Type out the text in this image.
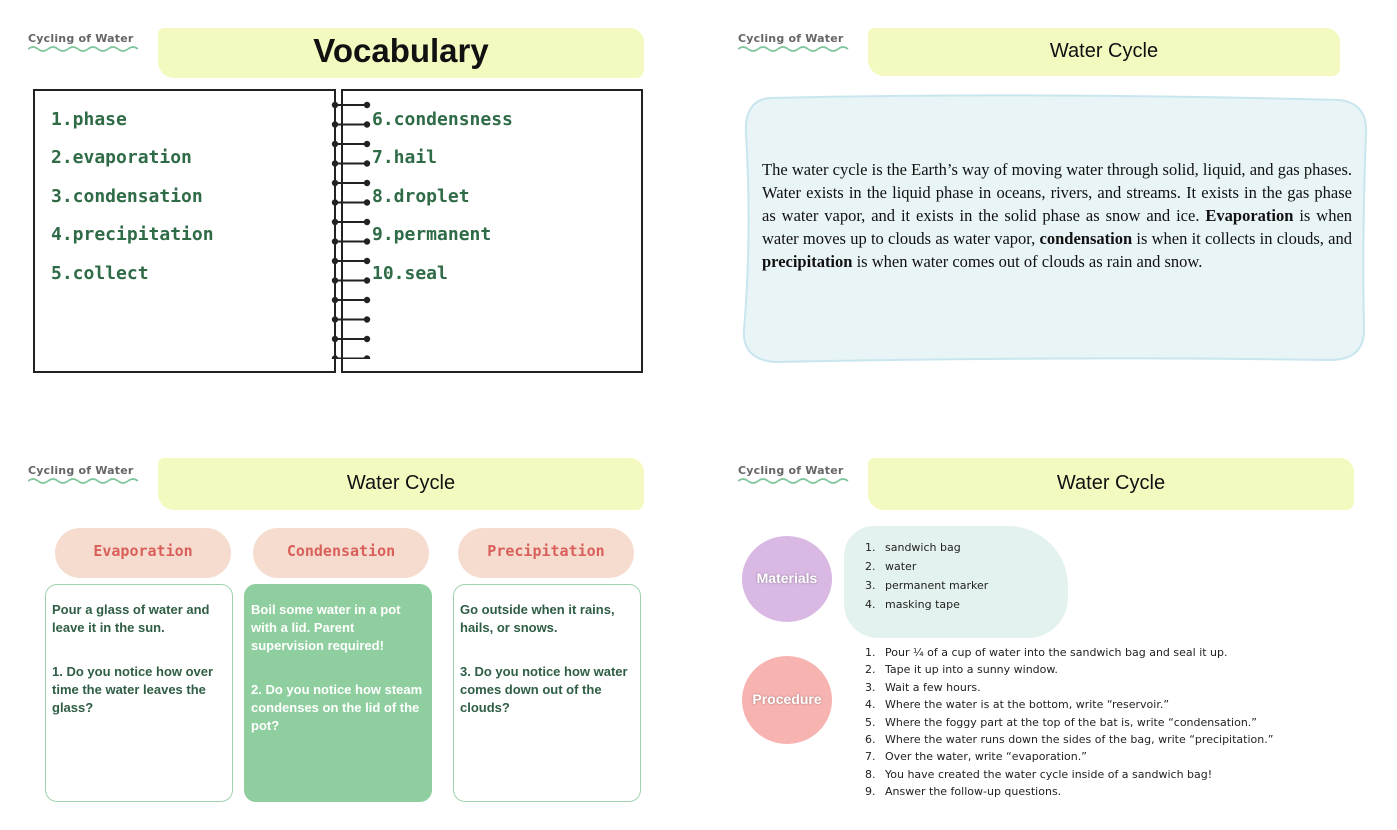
Cycling of Water	Vocabulary
1.phase
2.evaporation
3.condensation
4.precipitation
5.collect
6.condensness
7.hail
8.droplet
9.permanent
10.seal
Cycling of Water
Water Cycle
The water cycle is the Earth’s way of moving water through solid, liquid, and gas phases. Water exists in the liquid phase in oceans, rivers, and streams. It exists in the gas phase as water vapor, and it exists in the solid phase as snow and ice. Evaporation is when water moves up to clouds as water vapor, condensation is when it collects in clouds, and precipitation is when water comes out of clouds as rain and snow.
Cycling of Water
Water Cycle
Evaporation	Condensation	Precipitation

Pour a glass of water and leave it in the sun.

1. Do you notice how over time the water leaves the glass?

Boil some water in a pot with a lid. Parent supervision required!

2. Do you notice how steam condenses on the lid of the pot?

Go outside when it rains, hails, or snows.

3. Do you notice how water comes down out of the clouds?

Cycling of Water
Water Cycle
Materials
1. sandwich bag
2. water
3. permanent marker
4. masking tape
Procedure
1. Pour ¼ of a cup of water into the sandwich bag and seal it up.
2. Tape it up into a sunny window.
3. Wait a few hours.
4. Where the water is at the bottom, write “reservoir.”
5. Where the foggy part at the top of the bat is, write “condensation.”
6. Where the water runs down the sides of the bag, write “precipitation.”
7. Over the water, write “evaporation.”
8. You have created the water cycle inside of a sandwich bag!
9. Answer the follow-up questions.
